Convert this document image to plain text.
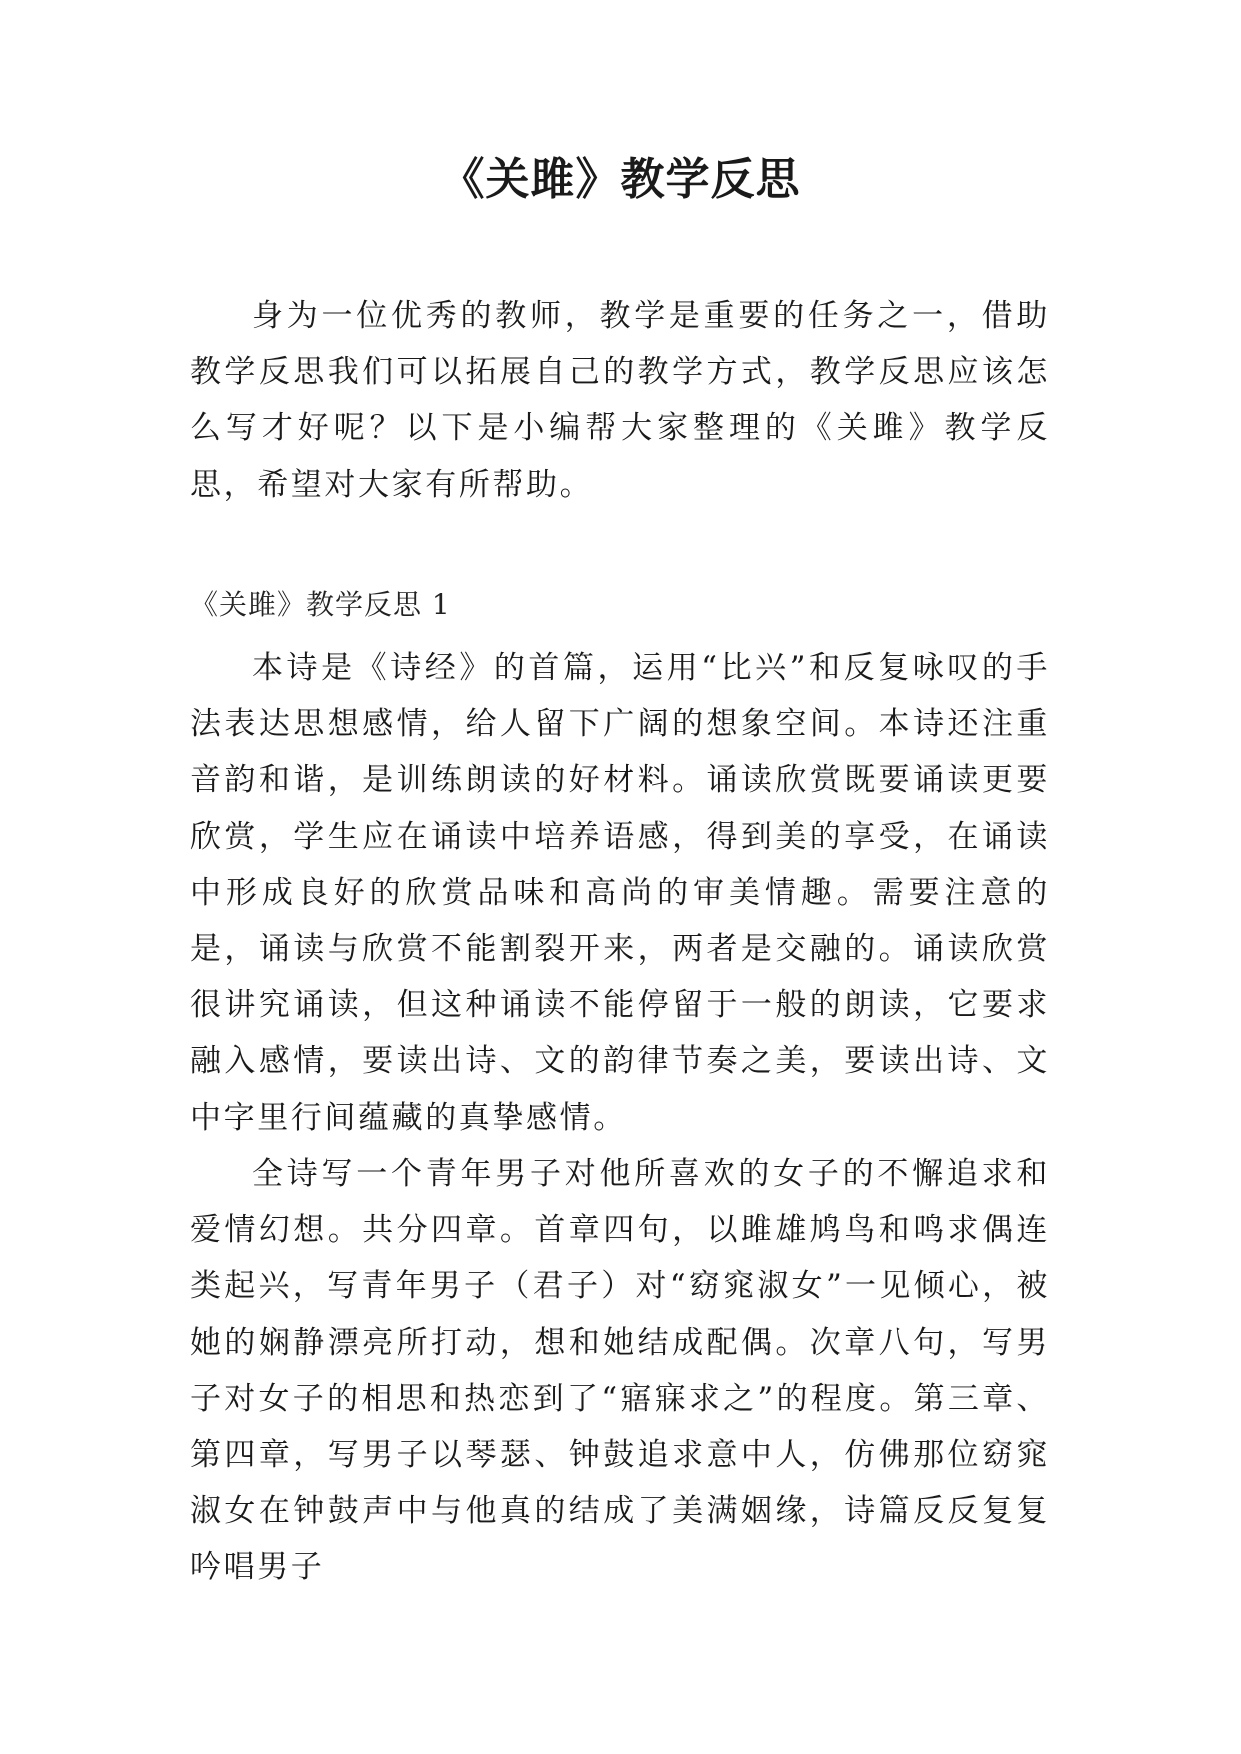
《关雎》教学反思
身为一位优秀的教师，教学是重要的任务之一，借助教学反思我们可以拓展自己的教学方式，教学反思应该怎么写才好呢？以下是小编帮大家整理的《关雎》教学反思，希望对大家有所帮助。
《关雎》教学反思 1
本诗是《诗经》的首篇，运用“比兴”和反复咏叹的手法表达思想感情，给人留下广阔的想象空间。本诗还注重音韵和谐，是训练朗读的好材料。诵读欣赏既要诵读更要欣赏，学生应在诵读中培养语感，得到美的享受，在诵读中形成良好的欣赏品味和高尚的审美情趣。需要注意的是，诵读与欣赏不能割裂开来，两者是交融的。诵读欣赏很讲究诵读，但这种诵读不能停留于一般的朗读，它要求融入感情，要读出诗、文的韵律节奏之美，要读出诗、文中字里行间蕴藏的真挚感情。
全诗写一个青年男子对他所喜欢的女子的不懈追求和爱情幻想。共分四章。首章四句，以雎雄鸠鸟和鸣求偶连类起兴，写青年男子（君子）对“窈窕淑女”一见倾心，被她的娴静漂亮所打动，想和她结成配偶。次章八句，写男子对女子的相思和热恋到了“寤寐求之”的程度。第三章、第四章，写男子以琴瑟、钟鼓追求意中人，仿佛那位窈窕淑女在钟鼓声中与他真的结成了美满姻缘，诗篇反反复复吟唱男子
